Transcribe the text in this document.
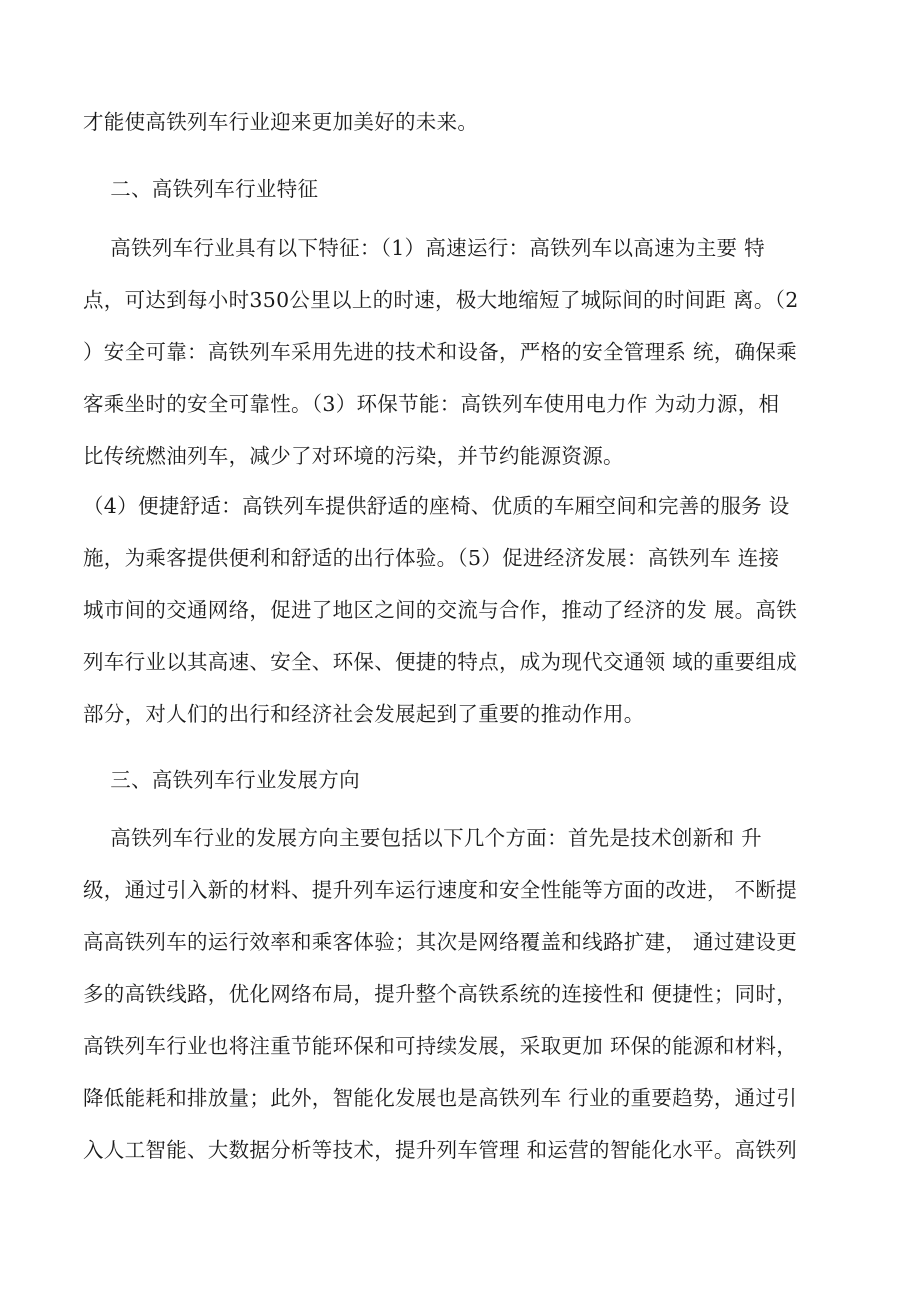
才能使高铁列车行业迎来更加美好的未来。
二、高铁列车行业特征
高铁列车行业具有以下特征：（1）高速运行：高铁列车以高速为主要 特
点，可达到每小时350公里以上的时速，极大地缩短了城际间的时间距 离。（2
）安全可靠：高铁列车采用先进的技术和设备，严格的安全管理系 统，确保乘
客乘坐时的安全可靠性。（3）环保节能：高铁列车使用电力作 为动力源，相
比传统燃油列车，减少了对环境的污染，并节约能源资源。
（4）便捷舒适：高铁列车提供舒适的座椅、优质的车厢空间和完善的服务 设
施，为乘客提供便利和舒适的出行体验。（5）促进经济发展：高铁列车 连接
城市间的交通网络，促进了地区之间的交流与合作，推动了经济的发 展。高铁
列车行业以其高速、安全、环保、便捷的特点，成为现代交通领 域的重要组成
部分，对人们的出行和经济社会发展起到了重要的推动作用。
三、高铁列车行业发展方向
高铁列车行业的发展方向主要包括以下几个方面：首先是技术创新和 升
级，通过引入新的材料、提升列车运行速度和安全性能等方面的改进， 不断提
高高铁列车的运行效率和乘客体验；其次是网络覆盖和线路扩建， 通过建设更
多的高铁线路，优化网络布局，提升整个高铁系统的连接性和 便捷性；同时，
高铁列车行业也将注重节能环保和可持续发展，采取更加 环保的能源和材料，
降低能耗和排放量；此外，智能化发展也是高铁列车 行业的重要趋势，通过引
入人工智能、大数据分析等技术，提升列车管理 和运营的智能化水平。高铁列
